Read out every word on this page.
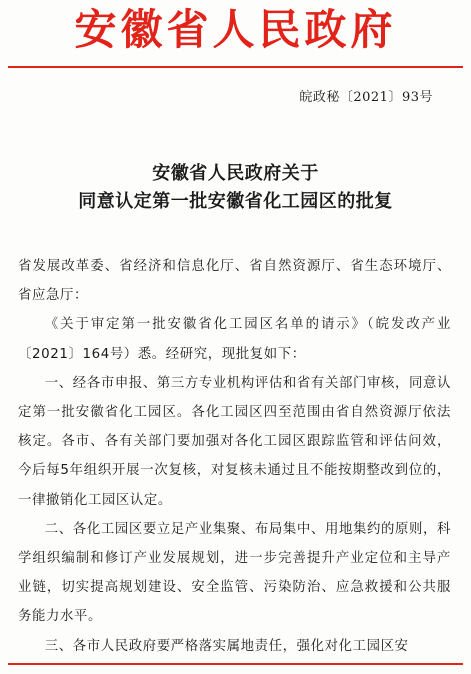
安徽省人民政府
皖政秘〔2021〕93号
安徽省人民政府关于
同意认定第一批安徽省化工园区的批复

省发展改革委、省经济和信息化厅、省自然资源厅、省生态环境厅、省应急厅：

《关于审定第一批安徽省化工园区名单的请示》（皖发改产业〔2021〕164号）悉。经研究，现批复如下：

一、经各市申报、第三方专业机构评估和省有关部门审核，同意认定第一批安徽省化工园区。各化工园区四至范围由省自然资源厅依法核定。各市、各有关部门要加强对各化工园区跟踪监管和评估问效，今后每5年组织开展一次复核，对复核未通过且不能按期整改到位的，一律撤销化工园区认定。

二、各化工园区要立足产业集聚、布局集中、用地集约的原则，科学组织编制和修订产业发展规划，进一步完善提升产业定位和主导产业链，切实提高规划建设、安全监管、污染防治、应急救援和公共服务能力水平。

三、各市人民政府要严格落实属地责任，强化对化工园区安
